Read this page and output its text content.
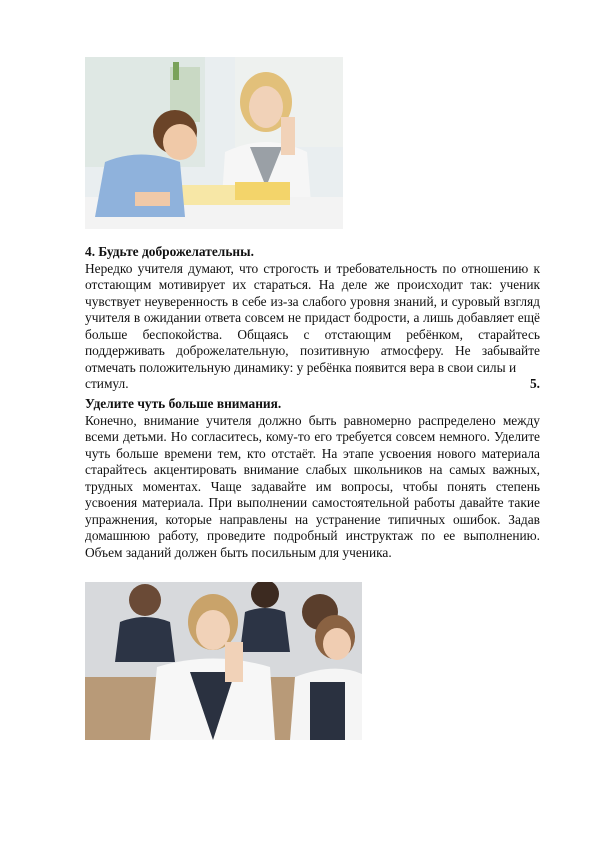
4. Будьте доброжелательны.
Нередко учителя думают, что строгость и требовательность по отношению к отстающим мотивирует их стараться. На деле же происходит так: ученик чувствует неуверенность в себе из-за слабого уровня знаний, и суровый взгляд учителя в ожидании ответа совсем не придаст бодрости, а лишь добавляет ещё больше беспокойства. Общаясь с отстающим ребёнком, старайтесь поддерживать доброжелательную, позитивную атмосферу. Не забывайте отмечать положительную динамику: у ребёнка появится вера в свои силы и
стимул.	5.
Уделите чуть больше внимания.

Конечно, внимание учителя должно быть равномерно распределено между всеми детьми. Но согласитесь, кому-то его требуется совсем немного. Уделите чуть больше времени тем, кто отстаёт. На этапе усвоения нового материала старайтесь акцентировать внимание слабых школьников на самых важных, трудных моментах. Чаще задавайте им вопросы, чтобы понять степень усвоения материала. При выполнении самостоятельной работы давайте такие упражнения, которые направлены на устранение типичных ошибок. Задав домашнюю работу, проведите подробный инструктаж по ее выполнению. Объем заданий должен быть посильным для ученика.
